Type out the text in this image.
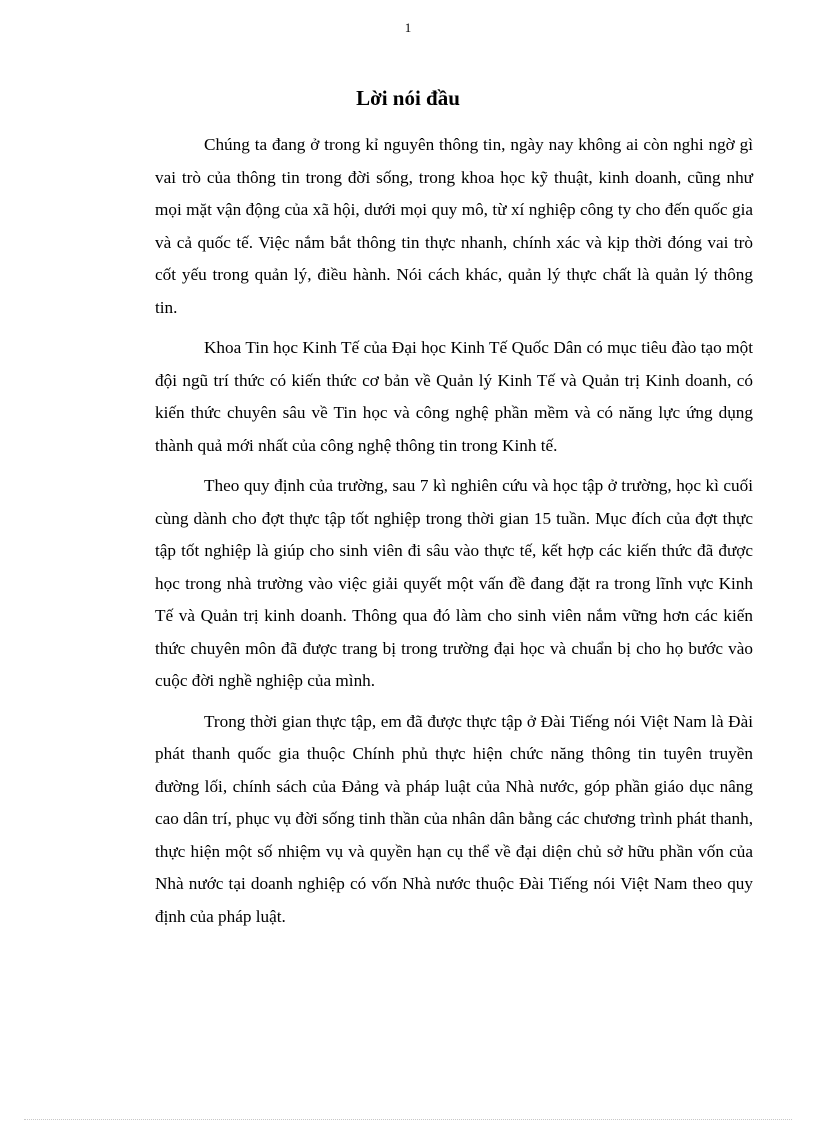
1
Lời nói đầu

Chúng ta đang ở trong kỉ nguyên thông tin, ngày nay không ai còn nghi ngờ gì vai trò của thông tin trong đời sống, trong khoa học kỹ thuật, kinh doanh, cũng như mọi mặt vận động của xã hội, dưới mọi quy mô, từ xí nghiệp công ty cho đến quốc gia và cả quốc tế. Việc nắm bắt thông tin thực nhanh, chính xác và kịp thời đóng vai trò cốt yếu trong quản lý, điều hành. Nói cách khác, quản lý thực chất là quản lý thông tin.

Khoa Tin học Kinh Tế của Đại học Kinh Tế Quốc Dân có mục tiêu đào tạo một đội ngũ trí thức có kiến thức cơ bản về Quản lý Kinh Tế và Quản trị Kinh doanh, có kiến thức chuyên sâu về Tin học và công nghệ phần mềm và có năng lực ứng dụng thành quả mới nhất của công nghệ thông tin trong Kinh tế.

Theo quy định của trường, sau 7 kì nghiên cứu và học tập ở trường, học kì cuối cùng dành cho đợt thực tập tốt nghiệp trong thời gian 15 tuần. Mục đích của đợt thực tập tốt nghiệp là giúp cho sinh viên đi sâu vào thực tế, kết hợp các kiến thức đã được học trong nhà trường vào việc giải quyết một vấn đề đang đặt ra trong lĩnh vực Kinh Tế và Quản trị kinh doanh. Thông qua đó làm cho sinh viên nắm vững hơn các kiến thức chuyên môn đã được trang bị trong trường đại học và chuẩn bị cho họ bước vào cuộc đời nghề nghiệp của mình.

Trong thời gian thực tập, em đã được thực tập ở Đài Tiếng nói Việt Nam là Đài phát thanh quốc gia thuộc Chính phủ thực hiện chức năng thông tin tuyên truyền đường lối, chính sách của Đảng và pháp luật của Nhà nước, góp phần giáo dục nâng cao dân trí, phục vụ đời sống tinh thần của nhân dân bằng các chương trình phát thanh, thực hiện một số nhiệm vụ và quyền hạn cụ thể về đại diện chủ sở hữu phần vốn của Nhà nước tại doanh nghiệp có vốn Nhà nước thuộc Đài Tiếng nói Việt Nam theo quy định của pháp luật.
